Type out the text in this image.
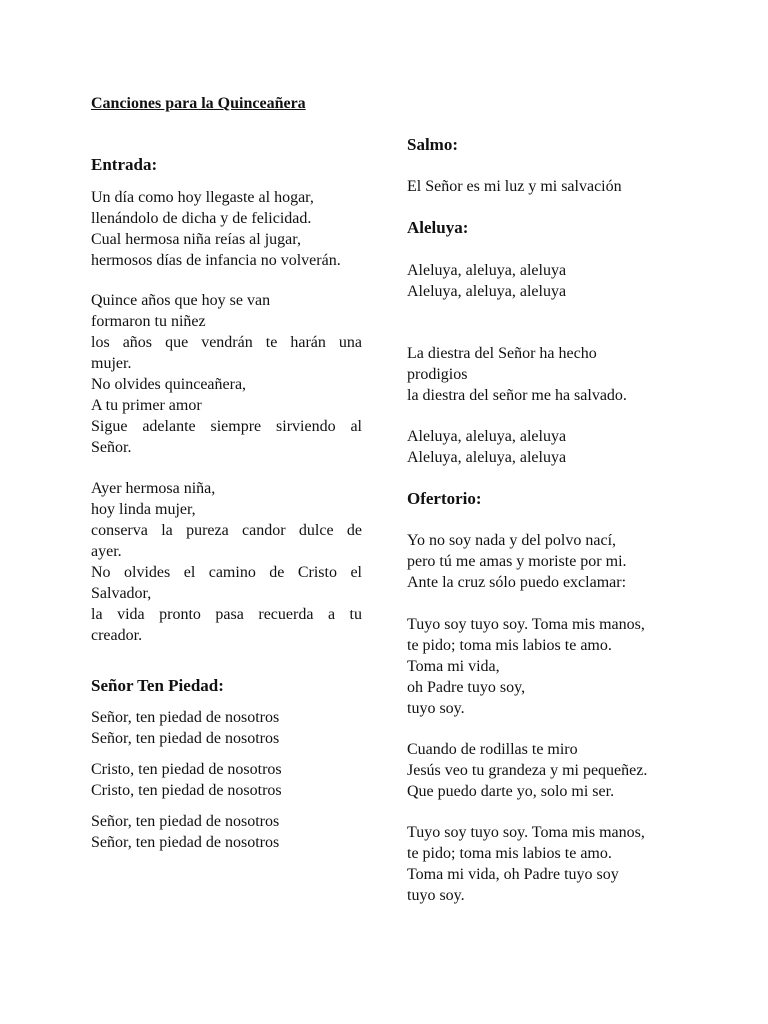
Canciones para la Quinceañera
Entrada:

Un día como hoy llegaste al hogar,
llenándolo de dicha y de felicidad.
Cual hermosa niña reías al jugar,
hermosos días de infancia no volverán.

Quince años que hoy se van
formaron tu niñez
los años que vendrán te harán una
mujer.
No olvides quinceañera,
A tu primer amor
Sigue adelante siempre sirviendo al
Señor.

Ayer hermosa niña,
hoy linda mujer,
conserva la pureza candor dulce de
ayer.
No olvides el camino de Cristo el
Salvador,
la vida pronto pasa recuerda a tu
creador.

Señor Ten Piedad:

Señor, ten piedad de nosotros
Señor, ten piedad de nosotros

Cristo, ten piedad de nosotros
Cristo, ten piedad de nosotros

Señor, ten piedad de nosotros
Señor, ten piedad de nosotros

Salmo:

El Señor es mi luz y mi salvación

Aleluya:

Aleluya, aleluya, aleluya
Aleluya, aleluya, aleluya

La diestra del Señor ha hecho
prodigios
la diestra del señor me ha salvado.

Aleluya, aleluya, aleluya
Aleluya, aleluya, aleluya

Ofertorio:

Yo no soy nada y del polvo nací,
pero tú me amas y moriste por mi.
Ante la cruz sólo puedo exclamar:

Tuyo soy tuyo soy. Toma mis manos,
te pido; toma mis labios te amo.
Toma mi vida,
oh Padre tuyo soy,
tuyo soy.

Cuando de rodillas te miro
Jesús veo tu grandeza y mi pequeñez.
Que puedo darte yo, solo mi ser.

Tuyo soy tuyo soy. Toma mis manos,
te pido; toma mis labios te amo.
Toma mi vida, oh Padre tuyo soy
tuyo soy.
